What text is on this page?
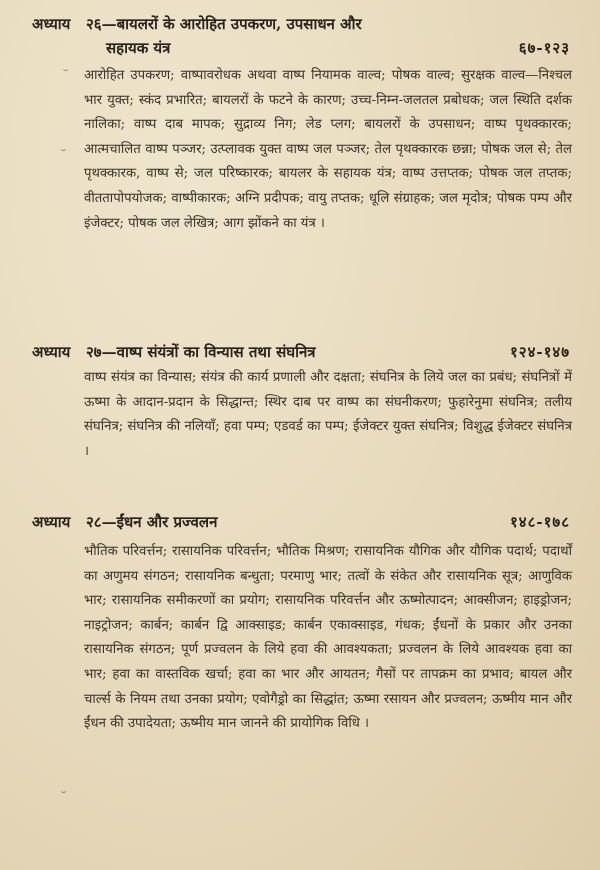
अध्याय २६—बायलरों के आरोहित उपकरण, उपसाधन और
सहायक यंत्र	६७-१२३
आरोहित उपकरण; वाष्पावरोधक अथवा वाष्प नियामक वाल्व; पोषक वाल्व; सुरक्षक वाल्व—निश्चल भार युक्त; स्कंद प्रभारित; बायलरों के फटने के कारण; उच्च-निम्न-जलतल प्रबोधक; जल स्थिति दर्शक नालिका; वाष्प दाब मापक; सुद्राव्य निग; लेड प्लग; बायलरों के उपसाधन; वाष्प पृथक्कारक; आत्मचालित वाष्प पञ्जर; उत्प्लावक युक्त वाष्प जल पञ्जर; तेल पृथक्कारक छन्ना; पोषक जल से; तेल पृथक्कारक, वाष्प से; जल परिष्कारक; बायलर के सहायक यंत्र; वाष्प उत्तप्तक; पोषक जल तप्तक; वीततापोपयोजक; वाष्पीकारक; अग्नि प्रदीपक; वायु तप्तक; धूलि संग्राहक; जल मृदोत्र; पोषक पम्प और इंजेक्टर; पोषक जल लेखित्र; आग झोंकने का यंत्र ।
अध्याय २७—वाष्प संयंत्रों का विन्यास तथा संघनित्र	१२४-१४७
वाष्प संयंत्र का विन्यास; संयंत्र की कार्य प्रणाली और दक्षता; संघनित्र के लिये जल का प्रबंध; संघनित्रों में ऊष्मा के आदान-प्रदान के सिद्धान्त; स्थिर दाब पर वाष्प का संघनीकरण; फुहारेनुमा संघनित्र; तलीय संघनित्र; संघनित्र की नलियाँ; हवा पम्प; एडवर्ड का पम्प; ईजेक्टर युक्त संघनित्र; विशुद्ध ईजेक्टर संघनित्र ।
अध्याय २८—ईंधन और प्रज्वलन	१४८-१७८
भौतिक परिवर्त्तन; रासायनिक परिवर्त्तन; भौतिक मिश्रण; रासायनिक यौगिक और यौगिक पदार्थ; पदार्थों का अणुमय संगठन; रासायनिक बन्धुता; परमाणु भार; तत्वों के संकेत और रासायनिक सूत्र; आणुविक भार; रासायनिक समीकरणों का प्रयोग; रासायनिक परिवर्त्तन और ऊष्मोत्पादन; आक्सीजन; हाइड्रोजन; नाइट्रोजन; कार्बन; कार्बन द्वि आक्साइड; कार्बन एकाक्साइड, गंधक; ईंधनों के प्रकार और उनका रासायनिक संगठन; पूर्ण प्रज्वलन के लिये हवा की आवश्यकता; प्रज्वलन के लिये आवश्यक हवा का भार; हवा का वास्तविक खर्चा; हवा का भार और आयतन; गैसों पर तापक्रम का प्रभाव; बायल और चार्ल्स के नियम तथा उनका प्रयोग; एवोगैड्रो का सिद्धांत; ऊष्मा रसायन और प्रज्वलन; ऊष्मीय मान और ईंधन की उपादेयता; ऊष्मीय मान जानने की प्रायोगिक विधि ।
˘
˘
˘
